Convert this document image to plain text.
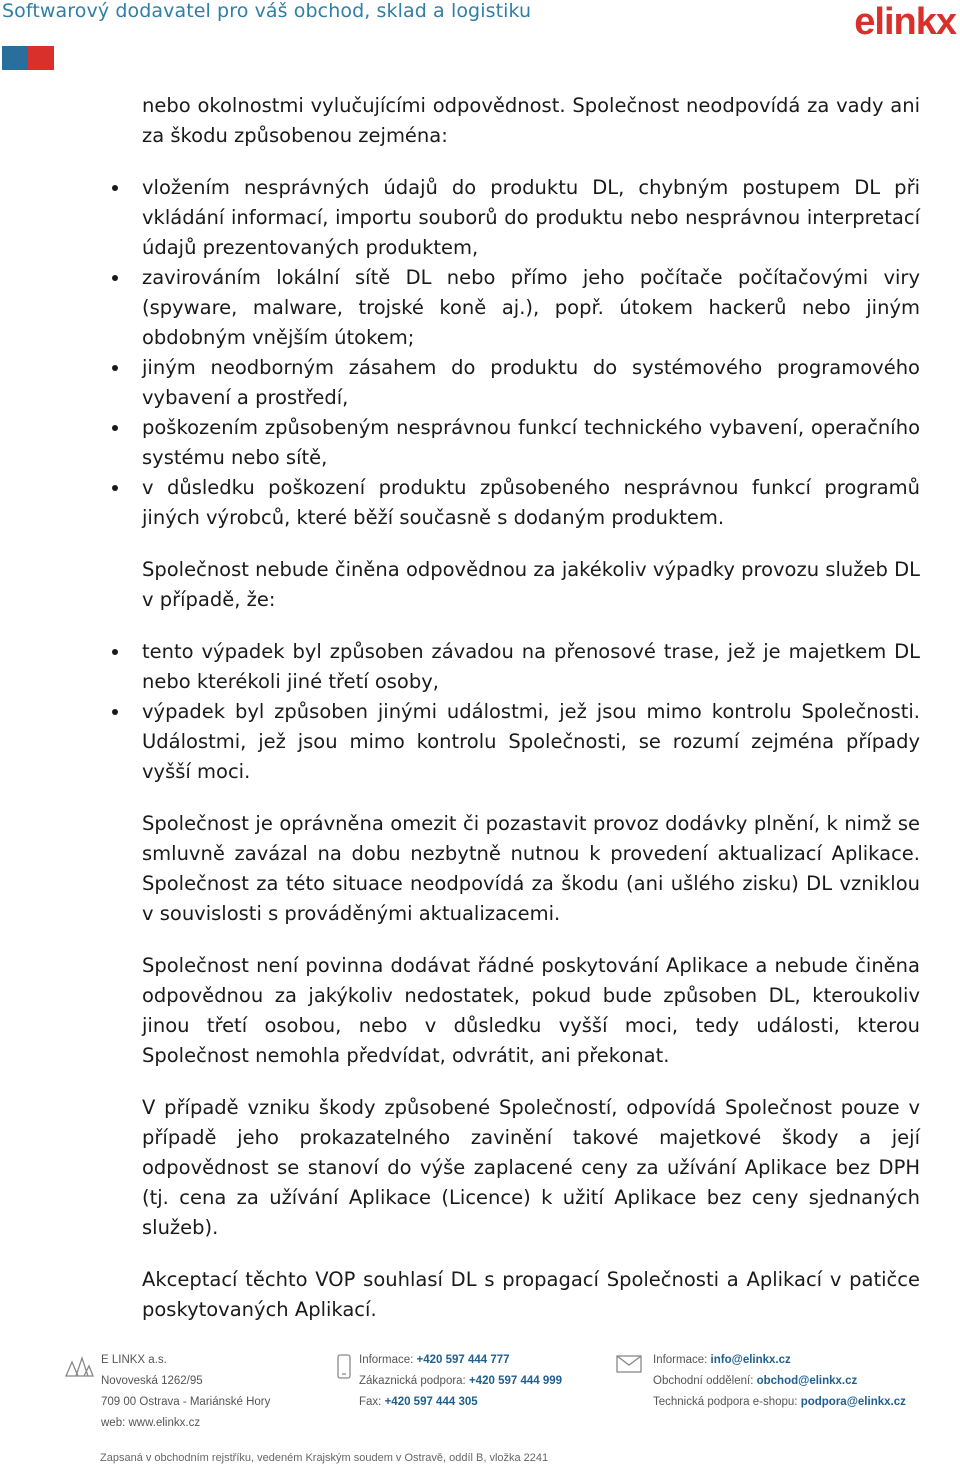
Softwarový dodavatel pro váš obchod, sklad a logistiku	elinkx

nebo okolnostmi vylučujícími odpovědnost. Společnost neodpovídá za vady ani za škodu způsobenou zejména:

vložením nesprávných údajů do produktu DL, chybným postupem DL při vkládání informací, importu souborů do produktu nebo nesprávnou interpretací údajů prezentovaných produktem,
zavirováním lokální sítě DL nebo přímo jeho počítače počítačovými viry (spyware, malware, trojské koně aj.), popř. útokem hackerů nebo jiným obdobným vnějším útokem;
jiným neodborným zásahem do produktu do systémového programového vybavení a prostředí,
poškozením způsobeným nesprávnou funkcí technického vybavení, operačního systému nebo sítě,
v důsledku poškození produktu způsobeného nesprávnou funkcí programů jiných výrobců, které běží současně s dodaným produktem.

Společnost nebude činěna odpovědnou za jakékoliv výpadky provozu služeb DL v případě, že:

tento výpadek byl způsoben závadou na přenosové trase, jež je majetkem DL nebo kterékoli jiné třetí osoby,
výpadek byl způsoben jinými událostmi, jež jsou mimo kontrolu Společnosti. Událostmi, jež jsou mimo kontrolu Společnosti, se rozumí zejména případy vyšší moci.

Společnost je oprávněna omezit či pozastavit provoz dodávky plnění, k nimž se smluvně zavázal na dobu nezbytně nutnou k provedení aktualizací Aplikace. Společnost za této situace neodpovídá za škodu (ani ušlého zisku) DL vzniklou v souvislosti s prováděnými aktualizacemi.

Společnost není povinna dodávat řádné poskytování Aplikace a nebude činěna odpovědnou za jakýkoliv nedostatek, pokud bude způsoben DL, kteroukoliv jinou třetí osobou, nebo v důsledku vyšší moci, tedy události, kterou Společnost nemohla předvídat, odvrátit, ani překonat.

V případě vzniku škody způsobené Společností, odpovídá Společnost pouze v případě jeho prokazatelného zavinění takové majetkové škody a její odpovědnost se stanoví do výše zaplacené ceny za užívání Aplikace bez DPH (tj. cena za užívání Aplikace (Licence) k užití Aplikace bez ceny sjednaných služeb).

Akceptací těchto VOP souhlasí DL s propagací Společnosti a Aplikací v patičce poskytovaných Aplikací.

E LINKX a.s.
Novoveská 1262/95
709 00 Ostrava - Mariánské Hory
web: www.elinkx.cz
Informace: +420 597 444 777
Zákaznická podpora: +420 597 444 999
Fax: +420 597 444 305
Informace: info@elinkx.cz
Obchodní oddělení: obchod@elinkx.cz
Technická podpora e-shopu: podpora@elinkx.cz
Zapsaná v obchodním rejstříku, vedeném Krajským soudem v Ostravě, oddíl B, vložka 2241
